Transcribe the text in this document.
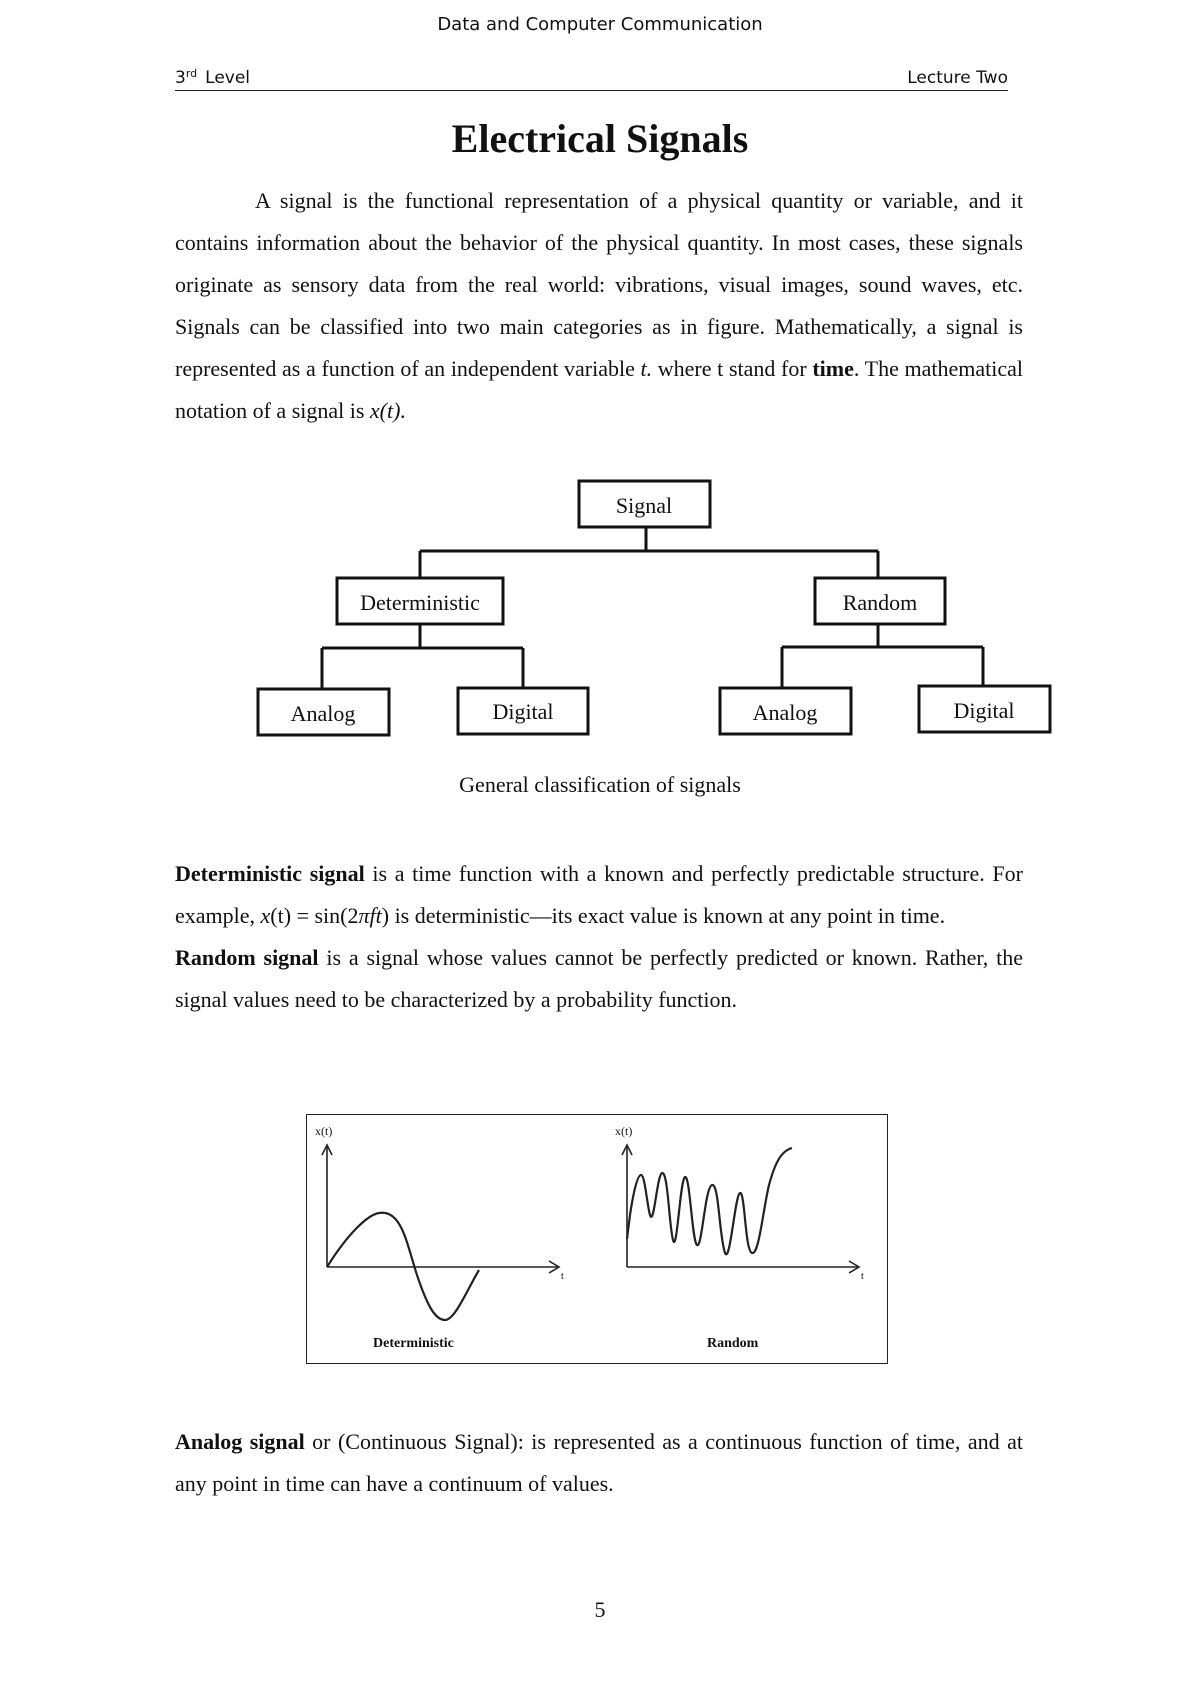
Data and Computer Communication
3rd Level	Lecture Two
Electrical Signals
A signal is the functional representation of a physical quantity or variable, and it contains information about the behavior of the physical quantity. In most cases, these signals originate as sensory data from the real world: vibrations, visual images, sound waves, etc. Signals can be classified into two main categories as in figure. Mathematically, a signal is represented as a function of an independent variable t. where t stand for time. The mathematical notation of a signal is x(t).
Signal
Deterministic	Random
Analog	Digital	Analog	Digital
General classification of signals
Deterministic signal is a time function with a known and perfectly predictable structure. For example, x(t) = sin(2πft) is deterministic—its exact value is known at any point in time.
Random signal is a signal whose values cannot be perfectly predicted or known. Rather, the signal values need to be characterized by a probability function.
x(t)
t
Deterministic
x(t)
t
Random
Analog signal or (Continuous Signal): is represented as a continuous function of time, and at any point in time can have a continuum of values.
5
